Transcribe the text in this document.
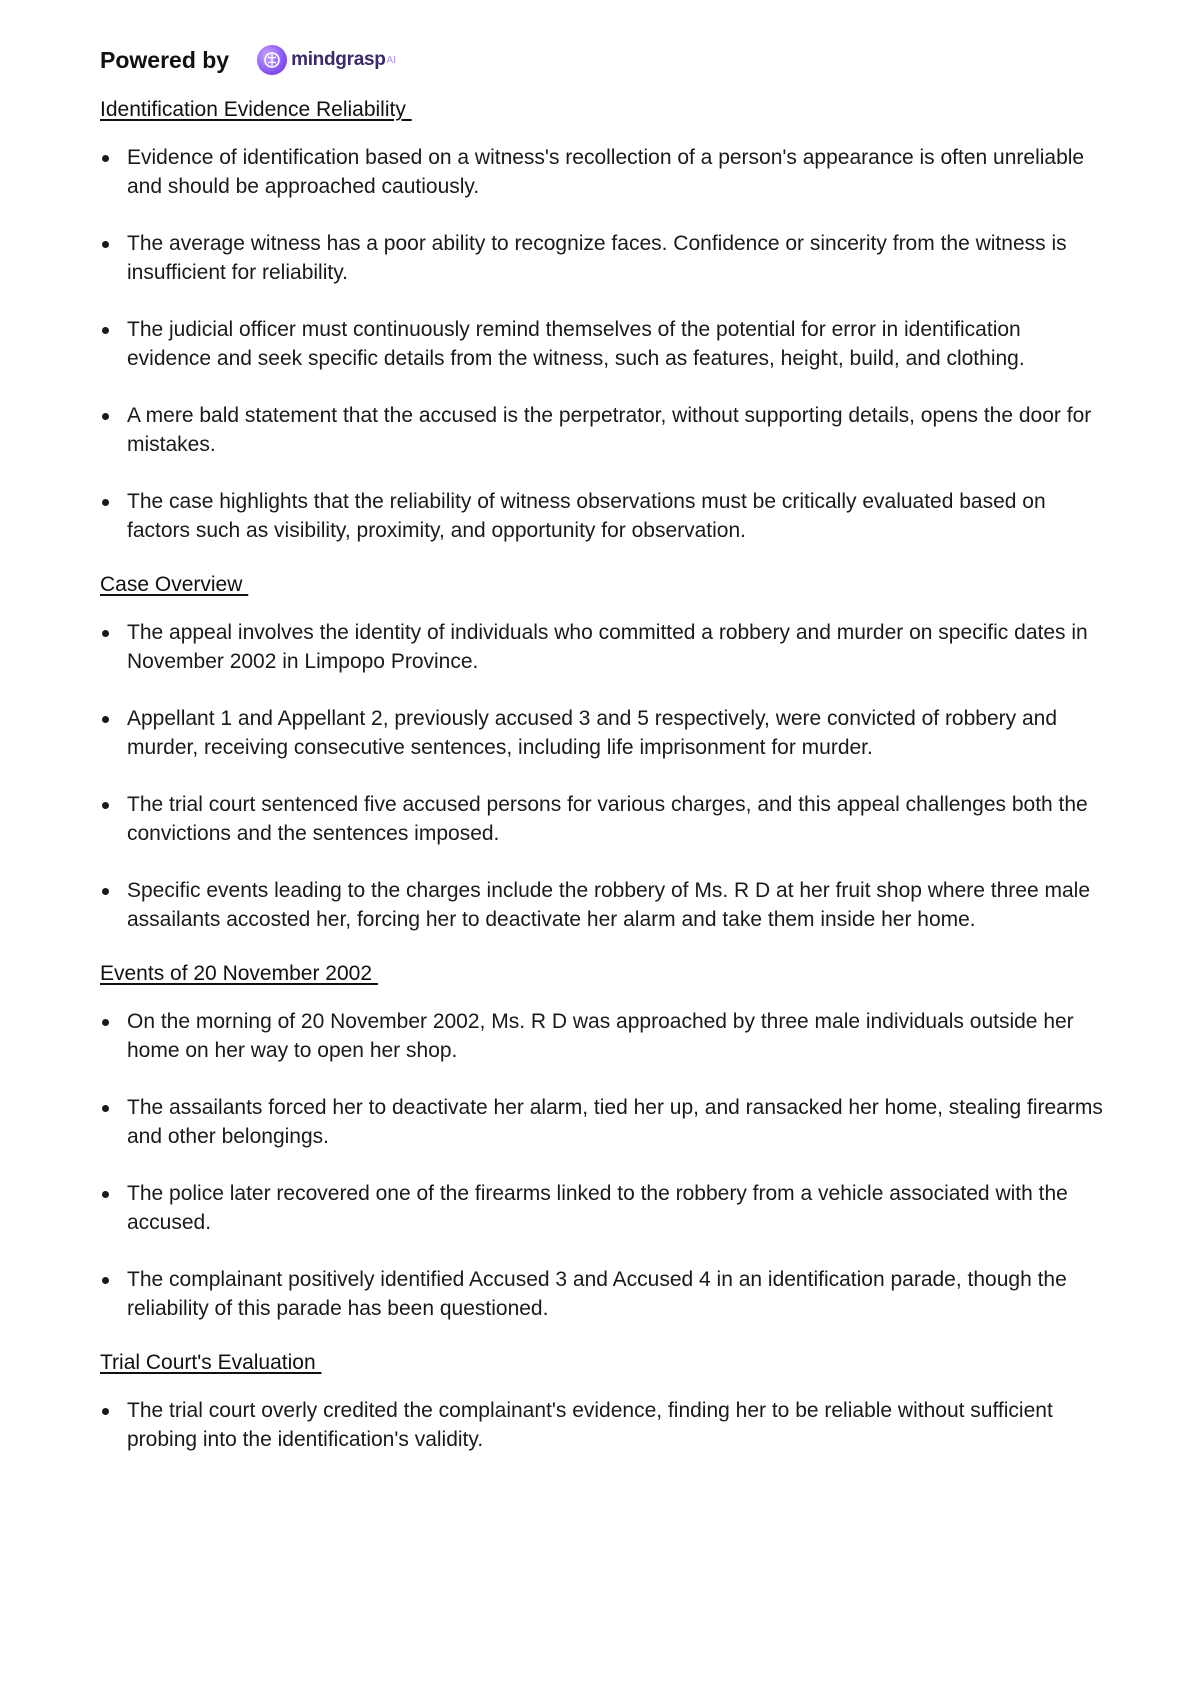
Powered by	mindgrasp AI
Identification Evidence Reliability
Evidence of identification based on a witness's recollection of a person's appearance is often unreliable and should be approached cautiously.
The average witness has a poor ability to recognize faces. Confidence or sincerity from the witness is insufficient for reliability.
The judicial officer must continuously remind themselves of the potential for error in identification evidence and seek specific details from the witness, such as features, height, build, and clothing.
A mere bald statement that the accused is the perpetrator, without supporting details, opens the door for mistakes.
The case highlights that the reliability of witness observations must be critically evaluated based on factors such as visibility, proximity, and opportunity for observation.
Case Overview
The appeal involves the identity of individuals who committed a robbery and murder on specific dates in November 2002 in Limpopo Province.
Appellant 1 and Appellant 2, previously accused 3 and 5 respectively, were convicted of robbery and murder, receiving consecutive sentences, including life imprisonment for murder.
The trial court sentenced five accused persons for various charges, and this appeal challenges both the convictions and the sentences imposed.
Specific events leading to the charges include the robbery of Ms. R D at her fruit shop where three male assailants accosted her, forcing her to deactivate her alarm and take them inside her home.
Events of 20 November 2002
On the morning of 20 November 2002, Ms. R D was approached by three male individuals outside her home on her way to open her shop.
The assailants forced her to deactivate her alarm, tied her up, and ransacked her home, stealing firearms and other belongings.
The police later recovered one of the firearms linked to the robbery from a vehicle associated with the accused.
The complainant positively identified Accused 3 and Accused 4 in an identification parade, though the reliability of this parade has been questioned.
Trial Court's Evaluation
The trial court overly credited the complainant's evidence, finding her to be reliable without sufficient probing into the identification's validity.
